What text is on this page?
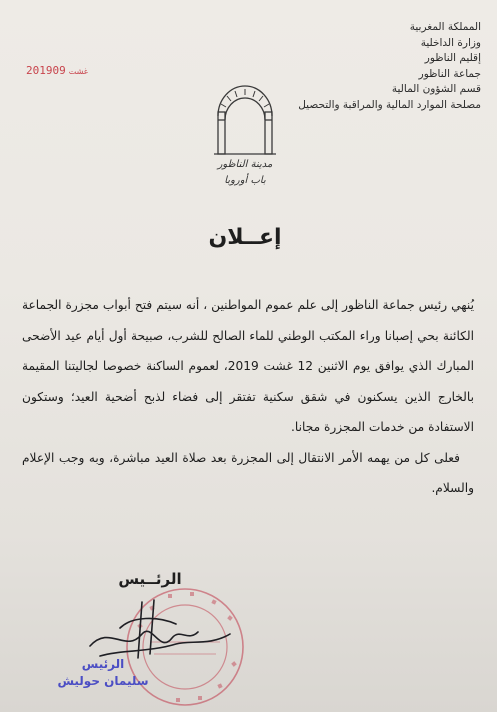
المملكة المغربية
وزارة الداخلية
إقليم الناظور
جماعة الناظور
قسم الشؤون المالية
مصلحة الموارد المالية والمراقبة والتحصيل
2019 غشت09
مدينة الناظور
باب أوروبا
إعــلان

يُنهي رئيس جماعة الناظور إلى علم عموم المواطنين ، أنه سيتم فتح أبواب مجزرة الجماعة الكائنة بحي إصبانا وراء المكتب الوطني للماء الصالح للشرب، صبيحة أول أيام عيد الأضحى المبارك الذي يوافق يوم الاثنين 12 غشت 2019، لعموم الساكنة خصوصا لجاليتنا المقيمة بالخارج الذين يسكنون في شقق سكنية تفتقر إلى فضاء لذبح أضحية العيد؛ وستكون الاستفادة من خدمات المجزرة مجانا.

فعلى كل من يهمه الأمر الانتقال إلى المجزرة بعد صلاة العيد مباشرة، وبه وجب الإعلام والسلام.

الرئــيس
الرئيس
سليمان حوليش
